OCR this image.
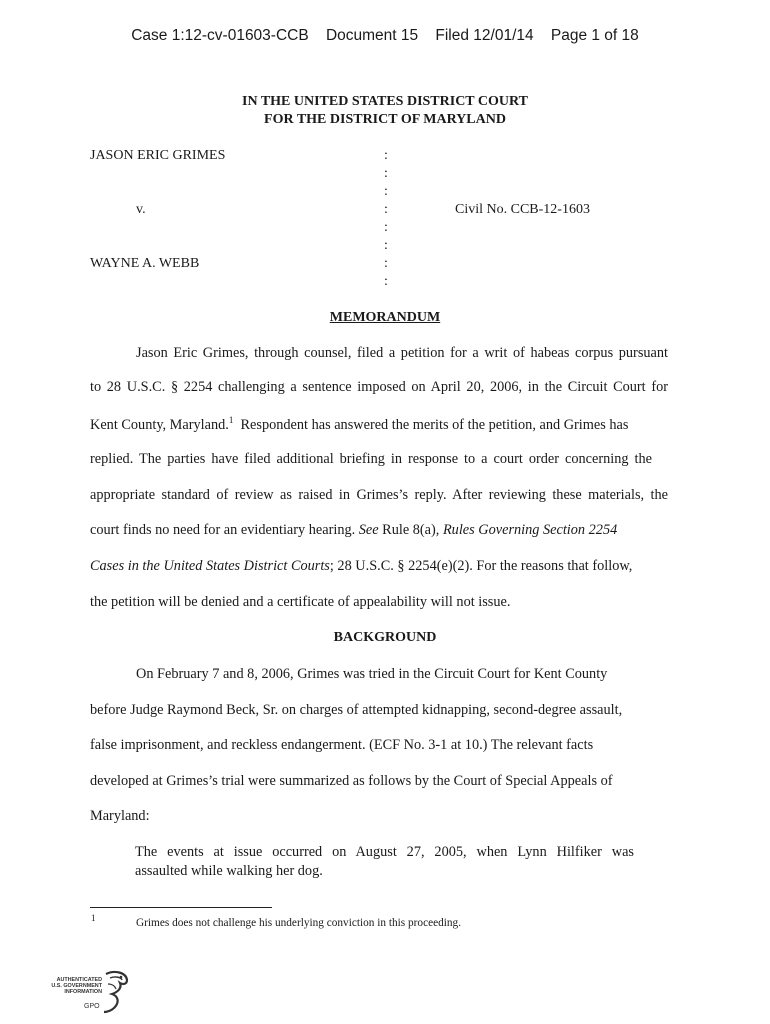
Case 1:12-cv-01603-CCB Document 15 Filed 12/01/14 Page 1 of 18
IN THE UNITED STATES DISTRICT COURT
FOR THE DISTRICT OF MARYLAND
JASON ERIC GRIMES
v.
WAYNE A. WEBB
Civil No. CCB-12-1603
:
:
:
:
:
:
:
:
MEMORANDUM
Jason Eric Grimes, through counsel, filed a petition for a writ of habeas corpus pursuant
to 28 U.S.C. § 2254 challenging a sentence imposed on April 20, 2006, in the Circuit Court for
Kent County, Maryland.$^1$ Respondent has answered the merits of the petition, and Grimes has
replied. The parties have filed additional briefing in response to a court order concerning the
appropriate standard of review as raised in Grimes’s reply. After reviewing these materials, the
court finds no need for an evidentiary hearing. See Rule 8(a), Rules Governing Section 2254
Cases in the United States District Courts; 28 U.S.C. § 2254(e)(2). For the reasons that follow,
the petition will be denied and a certificate of appealability will not issue.
BACKGROUND
On February 7 and 8, 2006, Grimes was tried in the Circuit Court for Kent County
before Judge Raymond Beck, Sr. on charges of attempted kidnapping, second-degree assault,
false imprisonment, and reckless endangerment. (ECF No. 3-1 at 10.) The relevant facts
developed at Grimes’s trial were summarized as follows by the Court of Special Appeals of
Maryland:
The events at issue occurred on August 27, 2005, when Lynn Hilfiker was
assaulted while walking her dog.
1	Grimes does not challenge his underlying conviction in this proceeding.
AUTHENTICATED
U.S. GOVERNMENT
INFORMATION
GPO
